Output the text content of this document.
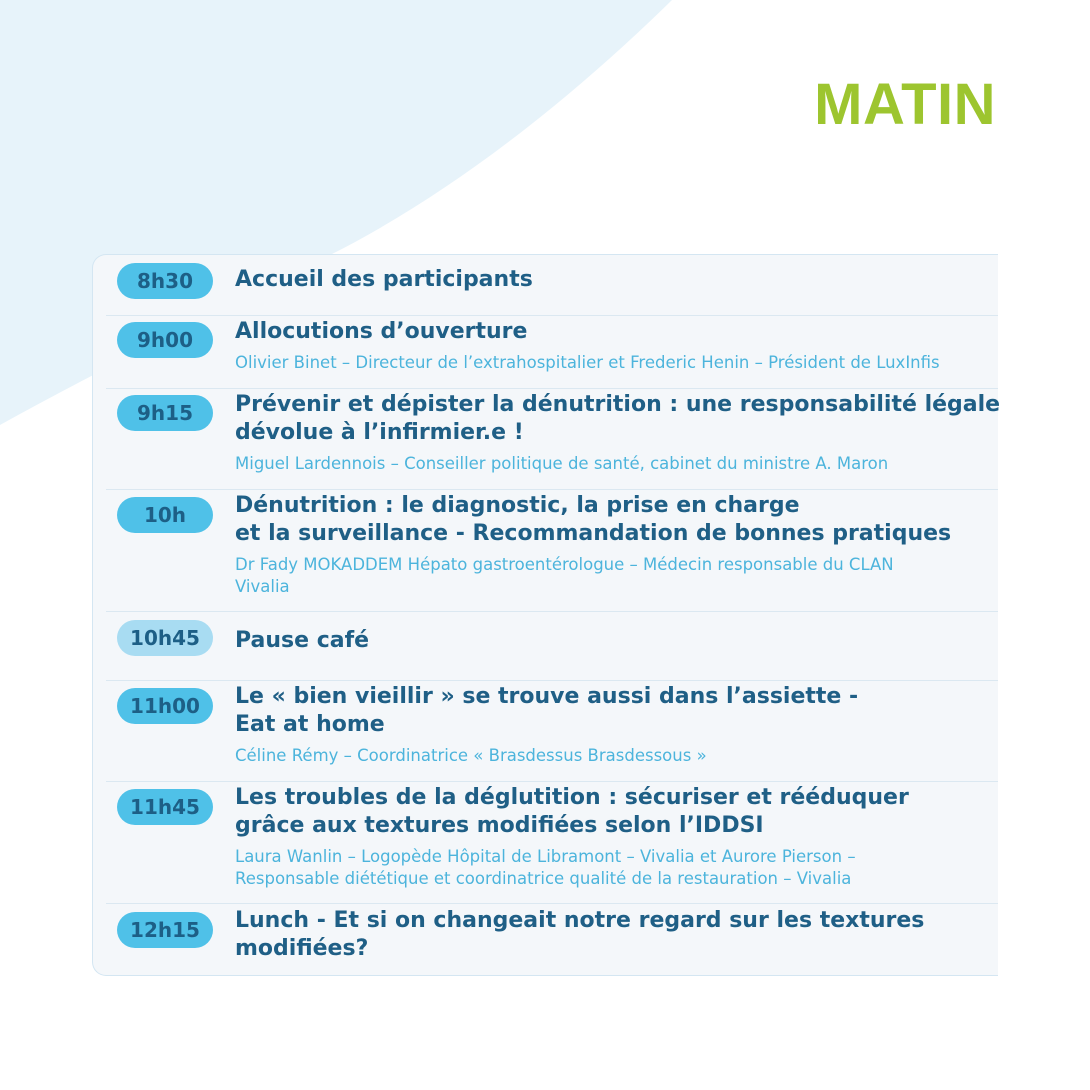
MATIN
8h30	Accueil des participants

9h00	Allocutions d’ouverture

Olivier Binet – Directeur de l’extrahospitalier et Frederic Henin – Président de LuxInfis

9h15	Prévenir et dépister la dénutrition : une responsabilité légale

dévolue à l’infirmier.e !

Miguel Lardennois – Conseiller politique de santé, cabinet du ministre A. Maron

10h	Dénutrition : le diagnostic, la prise en charge

et la surveillance - Recommandation de bonnes pratiques

Dr Fady MOKADDEM Hépato gastroentérologue – Médecin responsable du CLAN

Vivalia

10h45	Pause café

11h00	Le « bien vieillir » se trouve aussi dans l’assiette -

Eat at home

Céline Rémy – Coordinatrice « Brasdessus Brasdessous »

11h45	Les troubles de la déglutition : sécuriser et rééduquer

grâce aux textures modifiées selon l’IDDSI

Laura Wanlin – Logopède Hôpital de Libramont – Vivalia et Aurore Pierson –

Responsable diététique et coordinatrice qualité de la restauration – Vivalia

12h15	Lunch - Et si on changeait notre regard sur les textures

modifiées?
